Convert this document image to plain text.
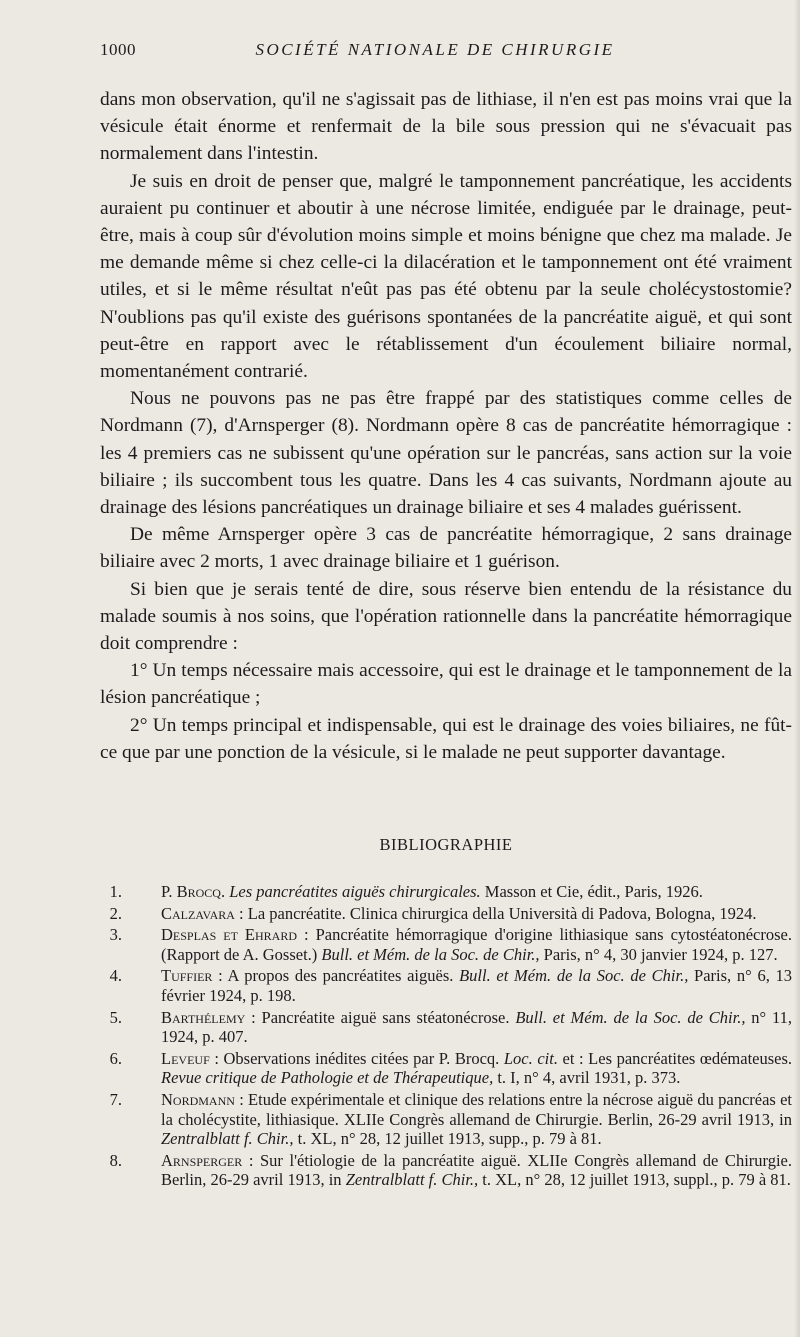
1000	SOCIÉTÉ NATIONALE DE CHIRURGIE

dans mon observation, qu'il ne s'agissait pas de lithiase, il n'en est pas moins vrai que la vésicule était énorme et renfermait de la bile sous pression qui ne s'évacuait pas normalement dans l'intestin.

Je suis en droit de penser que, malgré le tamponnement pancréatique, les accidents auraient pu continuer et aboutir à une nécrose limitée, endiguée par le drainage, peut-être, mais à coup sûr d'évolution moins simple et moins bénigne que chez ma malade. Je me demande même si chez celle-ci la dilacération et le tamponnement ont été vraiment utiles, et si le même résultat n'eût pas pas été obtenu par la seule cholécystostomie? N'oublions pas qu'il existe des guérisons spontanées de la pancréatite aiguë, et qui sont peut-être en rapport avec le rétablissement d'un écoulement biliaire normal, momentanément contrarié.

Nous ne pouvons pas ne pas être frappé par des statistiques comme celles de Nordmann (7), d'Arnsperger (8). Nordmann opère 8 cas de pancréatite hémorragique : les 4 premiers cas ne subissent qu'une opération sur le pancréas, sans action sur la voie biliaire ; ils succombent tous les quatre. Dans les 4 cas suivants, Nordmann ajoute au drainage des lésions pancréatiques un drainage biliaire et ses 4 malades guérissent.

De même Arnsperger opère 3 cas de pancréatite hémorragique, 2 sans drainage biliaire avec 2 morts, 1 avec drainage biliaire et 1 guérison.

Si bien que je serais tenté de dire, sous réserve bien entendu de la résistance du malade soumis à nos soins, que l'opération rationnelle dans la pancréatite hémorragique doit comprendre :

1° Un temps nécessaire mais accessoire, qui est le drainage et le tamponnement de la lésion pancréatique ;

2° Un temps principal et indispensable, qui est le drainage des voies biliaires, ne fût-ce que par une ponction de la vésicule, si le malade ne peut supporter davantage.

BIBLIOGRAPHIE
1. P. Brocq. Les pancréatites aiguës chirurgicales. Masson et Cie, édit., Paris, 1926.
2. Calzavara : La pancréatite. Clinica chirurgica della Università di Padova, Bologna, 1924.
3. Desplas et Ehrard : Pancréatite hémorragique d'origine lithiasique sans cytostéatonécrose. (Rapport de A. Gosset.) Bull. et Mém. de la Soc. de Chir., Paris, n° 4, 30 janvier 1924, p. 127.
4. Tuffier : A propos des pancréatites aiguës. Bull. et Mém. de la Soc. de Chir., Paris, n° 6, 13 février 1924, p. 198.
5. Barthélemy : Pancréatite aiguë sans stéatonécrose. Bull. et Mém. de la Soc. de Chir., n° 11, 1924, p. 407.
6. Leveuf : Observations inédites citées par P. Brocq. Loc. cit. et : Les pancréatites œdémateuses. Revue critique de Pathologie et de Thérapeutique, t. I, n° 4, avril 1931, p. 373.
7. Nordmann : Etude expérimentale et clinique des relations entre la nécrose aiguë du pancréas et la cholécystite, lithiasique. XLIIe Congrès allemand de Chirurgie. Berlin, 26-29 avril 1913, in Zentralblatt f. Chir., t. XL, n° 28, 12 juillet 1913, supp., p. 79 à 81.
8. Arnsperger : Sur l'étiologie de la pancréatite aiguë. XLIIe Congrès allemand de Chirurgie. Berlin, 26-29 avril 1913, in Zentralblatt f. Chir., t. XL, n° 28, 12 juillet 1913, suppl., p. 79 à 81.
